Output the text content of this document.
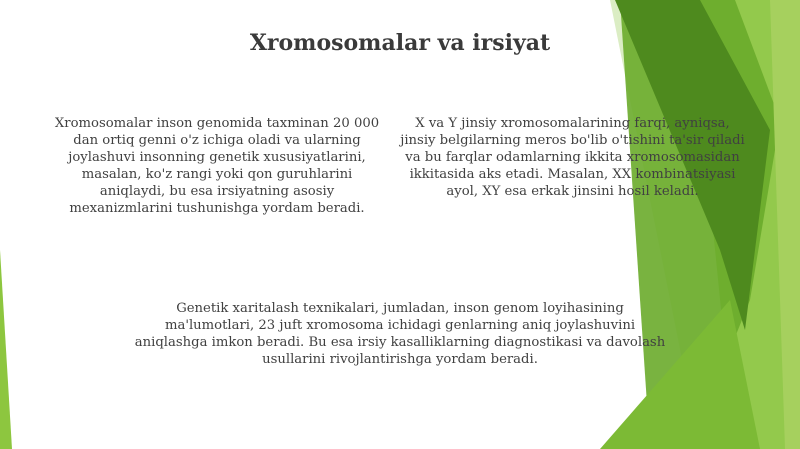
Xromosomalar va irsiyat

Xromosomalar inson genomida taxminan 20 000 dan ortiq genni o'z ichiga oladi va ularning joylashuvi insonning genetik xususiyatlarini, masalan, ko'z rangi yoki qon guruhlarini aniqlaydi, bu esa irsiyatning asosiy mexanizmlarini tushunishga yordam beradi.

X va Y jinsiy xromosomalarining farqi, ayniqsa, jinsiy belgilarning meros bo'lib o'tishini ta'sir qiladi va bu farqlar odamlarning ikkita xromosomasidan ikkitasida aks etadi. Masalan, XX kombinatsiyasi ayol, XY esa erkak jinsini hosil keladi.

Genetik xaritalash texnikalari, jumladan, inson genom loyihasining ma'lumotlari, 23 juft xromosoma ichidagi genlarning aniq joylashuvini aniqlashga imkon beradi. Bu esa irsiy kasalliklarning diagnostikasi va davolash usullarini rivojlantirishga yordam beradi.
